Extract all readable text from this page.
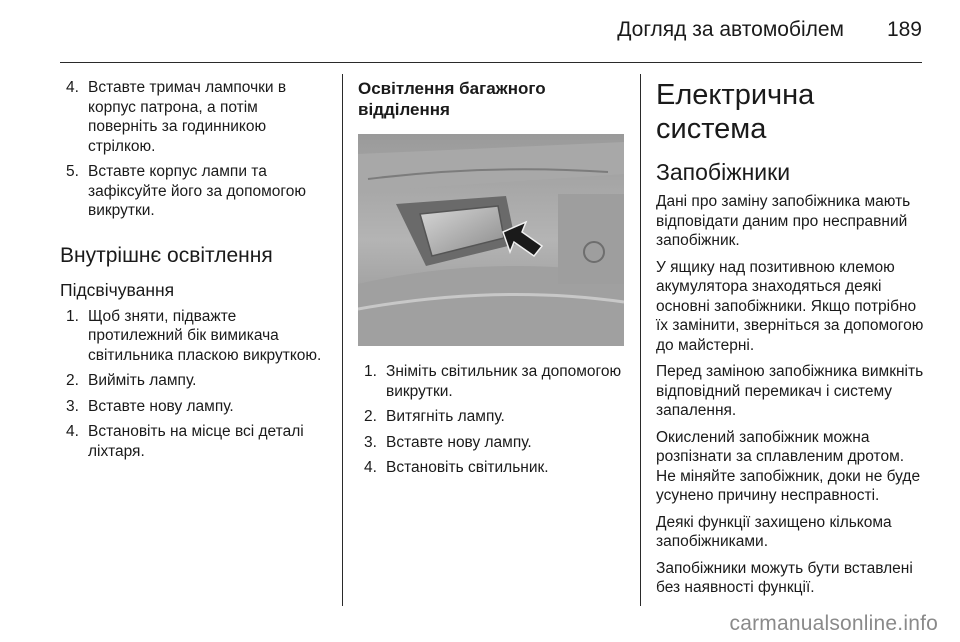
Догляд за автомобілем 189
4. Вставте тримач лампочки в корпус патрона, а потім поверніть за годинникою стрілкою.
5. Вставте корпус лампи та зафіксуйте його за допомогою викрутки.
Внутрішнє освітлення
Підсвічування
1. Щоб зняти, підважте протилежний бік вимикача світильника пласкою викруткою.
2. Вийміть лампу.
3. Вставте нову лампу.
4. Встановіть на місце всі деталі ліхтаря.
Освітлення багажного відділення
1. Зніміть світильник за допомогою викрутки.
2. Витягніть лампу.
3. Вставте нову лампу.
4. Встановіть світильник.
Електрична система
Запобіжники

Дані про заміну запобіжника мають відповідати даним про несправний запобіжник.

У ящику над позитивною клемою акумулятора знаходяться деякі основні запобіжники. Якщо потрібно їх замінити, зверніться за допомогою до майстерні.

Перед заміною запобіжника вимкніть відповідний перемикач і систему запалення.

Окислений запобіжник можна розпізнати за сплавленим дротом. Не міняйте запобіжник, доки не буде усунено причину несправності.

Деякі функції захищено кількома запобіжниками.

Запобіжники можуть бути вставлені без наявності функції.

carmanualsonline.info
